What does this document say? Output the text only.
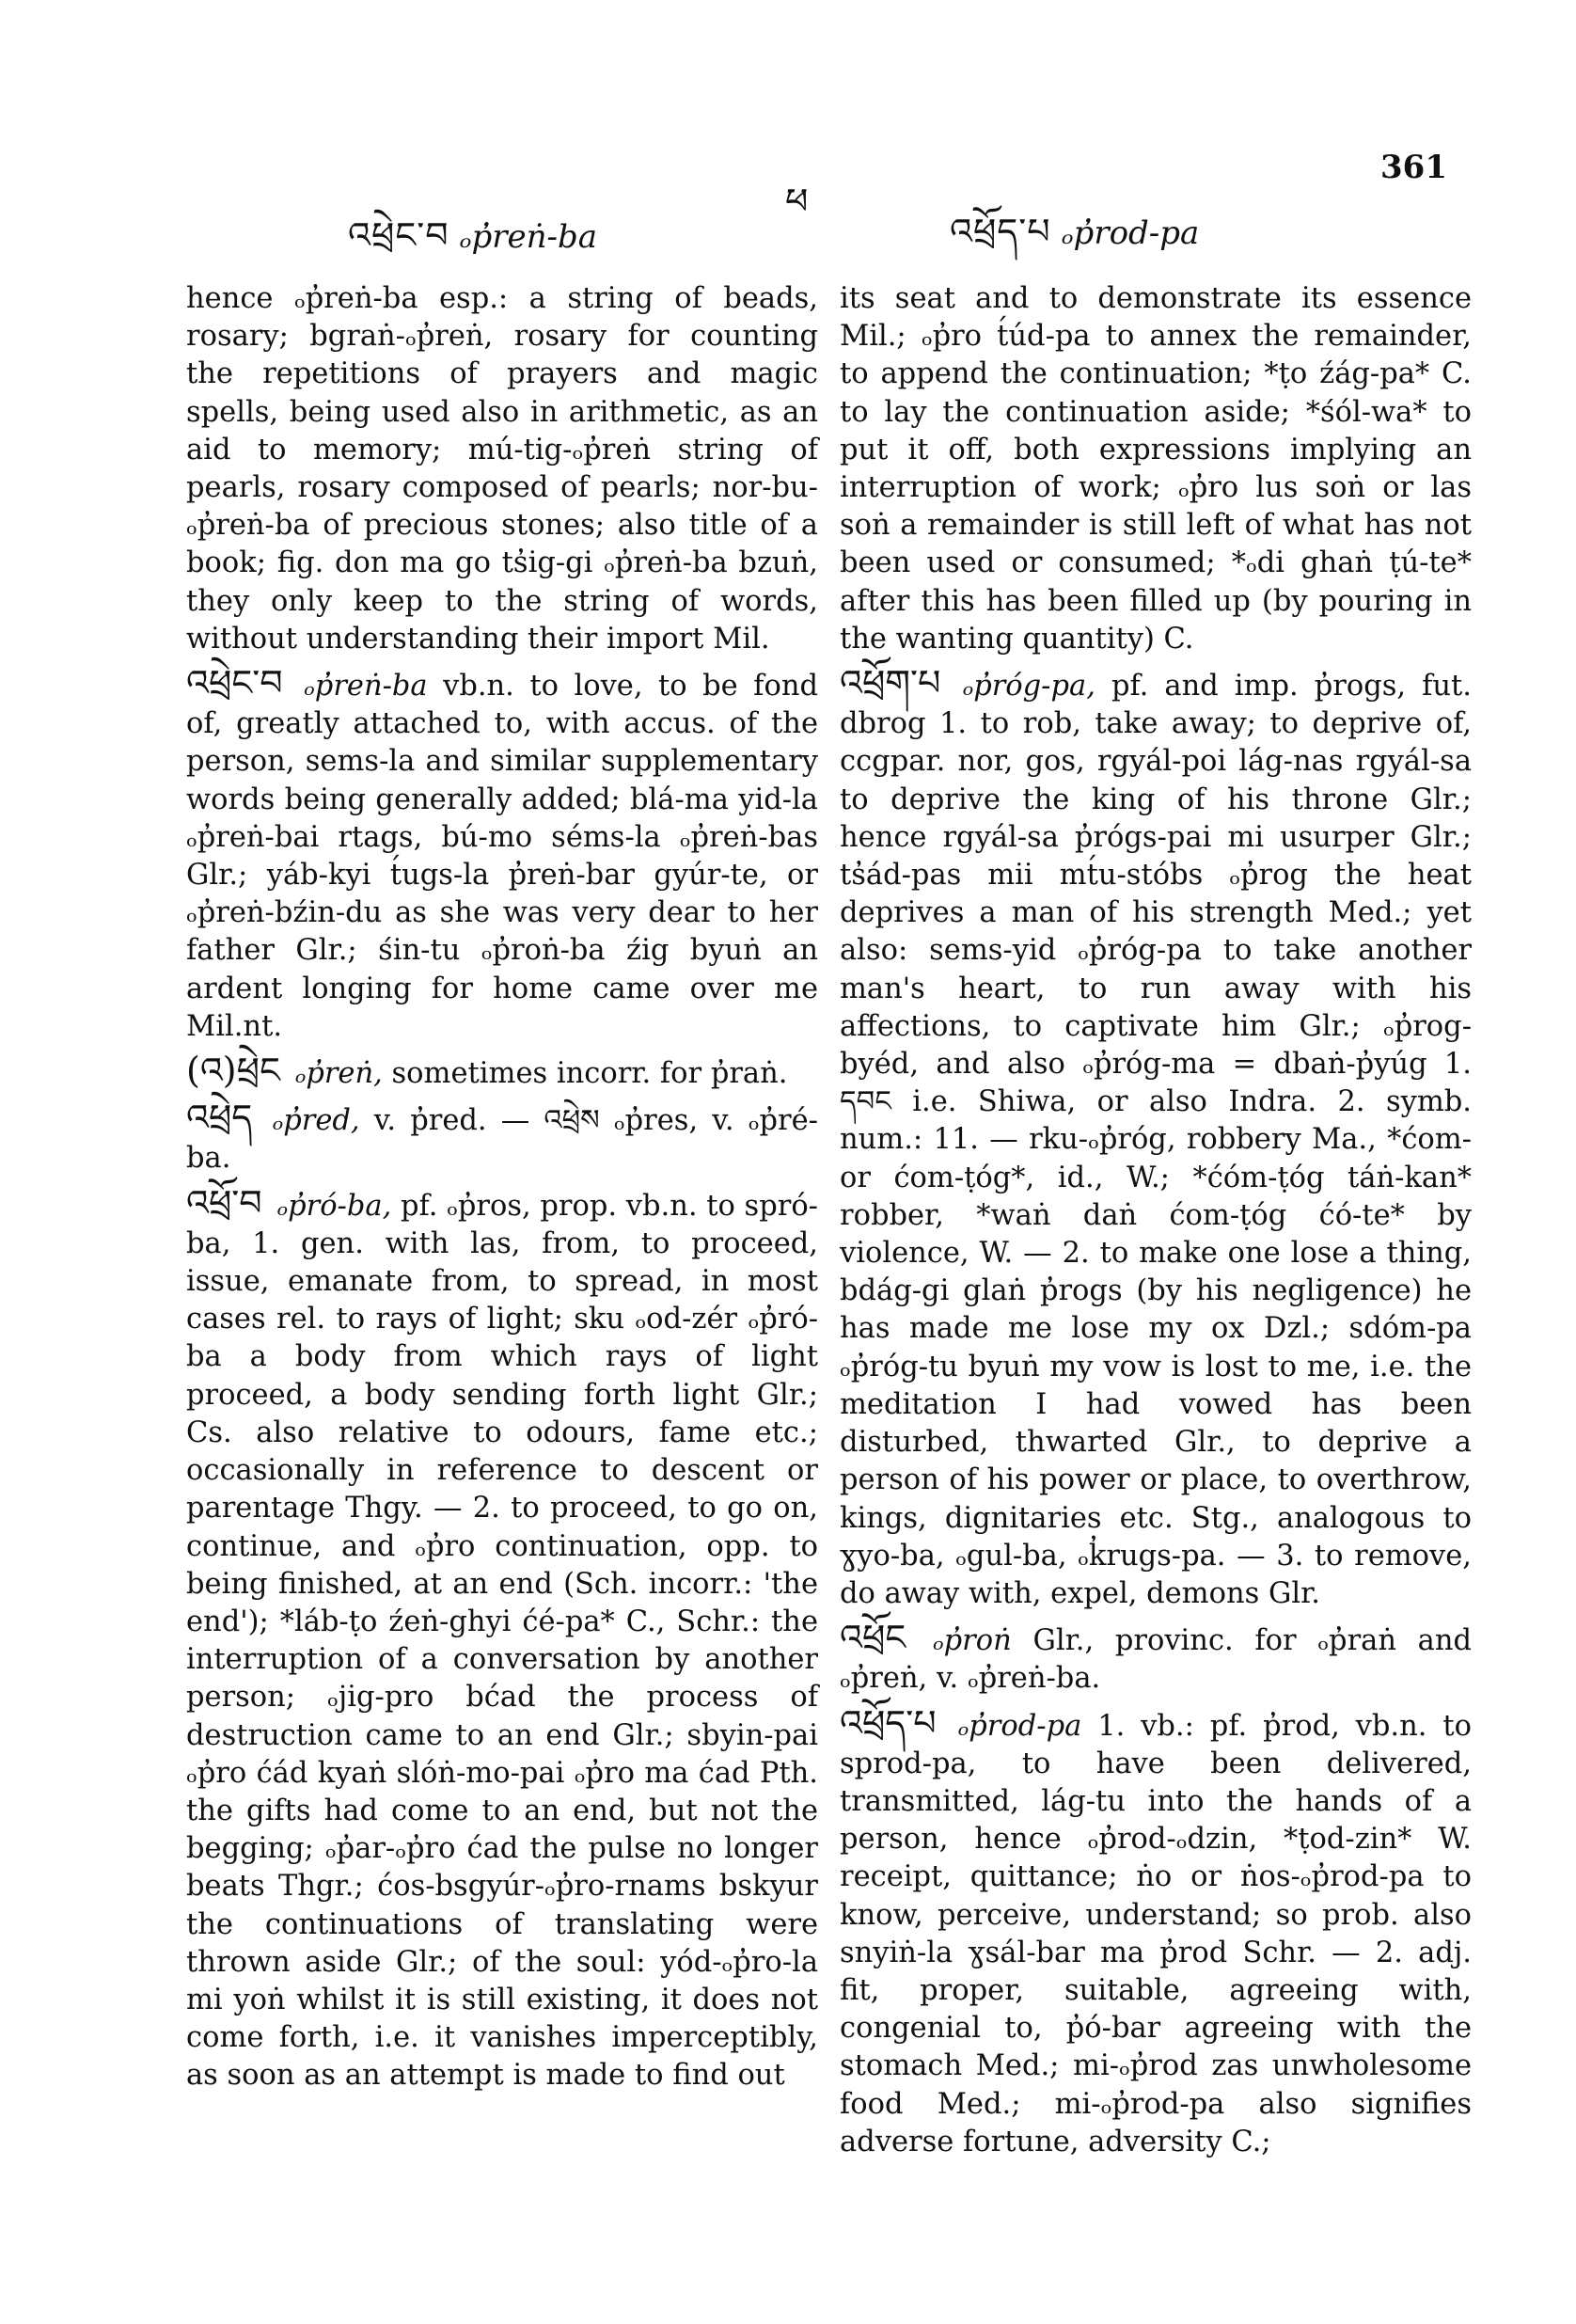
འཕྲེང་བ ₒp̓reṅ-ba
ཕ
འཕྲོད་པ ₒp̓rod-pa
361
hence ₒp̓reṅ-ba esp.: a string of beads, rosary; bgraṅ-ₒp̓reṅ, rosary for counting the repetitions of prayers and magic spells, being used also in arithmetic, as an aid to memory; mú-tig-ₒp̓reṅ string of pearls, rosary composed of pearls; nor-bu-ₒp̓reṅ-ba of precious stones; also title of a book; fig. don ma go ts̓ig-gi ₒp̓reṅ-ba bzuṅ, they only keep to the string of words, without understanding their import Mil.
འཕྲེང་བ ₒp̓reṅ-ba vb.n. to love, to be fond of, greatly attached to, with accus. of the person, sems-la and similar supplementary words being generally added; blá-ma yid-la ₒp̓reṅ-bai rtags, bú-mo séms-la ₒp̓reṅ-bas Glr.; yáb-kyi t́ugs-la p̓reṅ-bar gyúr-te, or ₒp̓reṅ-bźin-du as she was very dear to her father Glr.; śin-tu ₒp̓roṅ-ba źig byuṅ an ardent longing for home came over me Mil.nt.
(འ)ཕྲེང ₒp̓reṅ, sometimes incorr. for p̓raṅ.
འཕྲེད ₒp̓red, v. p̓red. — འཕྲེས ₒp̓res, v. ₒp̓ré-ba.
འཕྲོ་བ ₒp̓ró-ba, pf. ₒp̓ros, prop. vb.n. to spró-ba, 1. gen. with las, from, to proceed, issue, emanate from, to spread, in most cases rel. to rays of light; sku ₒod-zér ₒp̓ró-ba a body from which rays of light proceed, a body sending forth light Glr.; Cs. also relative to odours, fame etc.; occasionally in reference to descent or parentage Thgy. — 2. to proceed, to go on, continue, and ₒp̓ro continuation, opp. to being finished, at an end (Sch. incorr.: 'the end'); *láb-ṭo źeṅ-ghyi ćé-pa* C., Schr.: the interruption of a conversation by another person; ₒjig-pro bćad the process of destruction came to an end Glr.; sbyin-pai ₒp̓ro ćád kyaṅ slóṅ-mo-pai ₒp̓ro ma ćad Pth. the gifts had come to an end, but not the begging; ₒp̓ar-ₒp̓ro ćad the pulse no longer beats Thgr.; ćos-bsgyúr-ₒp̓ro-rnams bskyur the continuations of translating were thrown aside Glr.; of the soul: yód-ₒp̓ro-la mi yoṅ whilst it is still existing, it does not come forth, i.e. it vanishes imperceptibly, as soon as an attempt is made to find out
its seat and to demonstrate its essence Mil.; ₒp̓ro t́úd-pa to annex the remainder, to append the continuation; *ṭo źág-pa* C. to lay the continuation aside; *śól-wa* to put it off, both expressions implying an interruption of work; ₒp̓ro lus soṅ or las soṅ a remainder is still left of what has not been used or consumed; *ₒdi ghaṅ ṭú-te* after this has been filled up (by pouring in the wanting quantity) C.
འཕྲོག་པ ₒp̓róg-pa, pf. and imp. p̓rogs, fut. dbrog 1. to rob, take away; to deprive of, ccgpar. nor, gos, rgyál-poi lág-nas rgyál-sa to deprive the king of his throne Glr.; hence rgyál-sa p̓rógs-pai mi usurper Glr.; ts̓ád-pas mii mt́u-stóbs ₒp̓rog the heat deprives a man of his strength Med.; yet also: sems-yid ₒp̓róg-pa to take another man's heart, to run away with his affections, to captivate him Glr.; ₒp̓rog-byéd, and also ₒp̓róg-ma = dbaṅ-p̓yúg 1. དབང i.e. Shiwa, or also Indra. 2. symb. num.: 11. — rku-ₒp̓róg, robbery Ma., *ćom- or ćom-ṭóg*, id., W.; *ćóm-ṭóg táṅ-kan* robber, *waṅ daṅ ćom-ṭóg ćó-te* by violence, W. — 2. to make one lose a thing, bdág-gi glaṅ p̓rogs (by his negligence) he has made me lose my ox Dzl.; sdóm-pa ₒp̓róg-tu byuṅ my vow is lost to me, i.e. the meditation I had vowed has been disturbed, thwarted Glr., to deprive a person of his power or place, to overthrow, kings, dignitaries etc. Stg., analogous to ɣyo-ba, ₒgul-ba, ₒk̓rugs-pa. — 3. to remove, do away with, expel, demons Glr.
འཕྲོང ₒp̓roṅ Glr., provinc. for ₒp̓raṅ and ₒp̓reṅ, v. ₒp̓reṅ-ba.
འཕྲོད་པ ₒp̓rod-pa 1. vb.: pf. p̓rod, vb.n. to sprod-pa, to have been delivered, transmitted, lág-tu into the hands of a person, hence ₒp̓rod-ₒdzin, *ṭod-zin* W. receipt, quittance; ṅo or ṅos-ₒp̓rod-pa to know, perceive, understand; so prob. also snyiṅ-la ɣsál-bar ma p̓rod Schr. — 2. adj. fit, proper, suitable, agreeing with, congenial to, p̓ó-bar agreeing with the stomach Med.; mi-ₒp̓rod zas unwholesome food Med.; mi-ₒp̓rod-pa also signifies adverse fortune, adversity C.;
